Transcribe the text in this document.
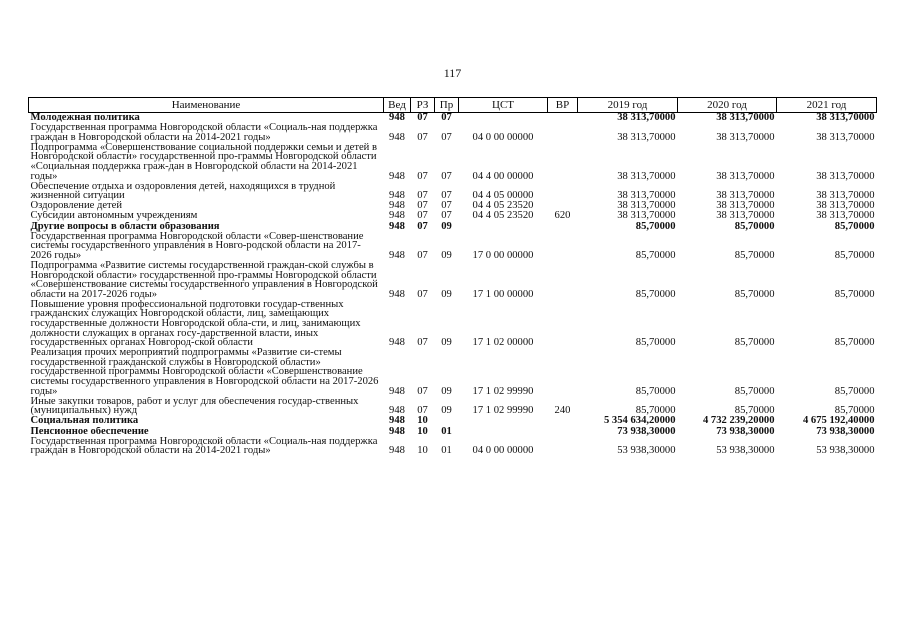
117
Наименование	Вед	РЗ	Пр	ЦСТ	ВР	2019 год	2020 год	2021 год
Молодежная политика	948	07	07			38 313,70000	38 313,70000	38 313,70000
Государственная программа Новгородской области «Социаль-ная поддержка граждан в Новгородской области на 2014-2021 годы»	948	07	07	04 0 00 00000		38 313,70000	38 313,70000	38 313,70000
Подпрограмма «Совершенствование социальной поддержки семьи и детей в Новгородской области» государственной про-граммы Новгородской области «Социальная поддержка граж-дан в Новгородской области на 2014-2021 годы»	948	07	07	04 4 00 00000		38 313,70000	38 313,70000	38 313,70000
Обеспечение отдыха и оздоровления детей, находящихся в трудной жизненной ситуации	948	07	07	04 4 05 00000		38 313,70000	38 313,70000	38 313,70000
Оздоровление детей	948	07	07	04 4 05 23520		38 313,70000	38 313,70000	38 313,70000
Субсидии автономным учреждениям	948	07	07	04 4 05 23520	620	38 313,70000	38 313,70000	38 313,70000
Другие вопросы в области образования	948	07	09			85,70000	85,70000	85,70000
Государственная программа Новгородской области «Совер-шенствование системы государственного управления в Новго-родской области на 2017-2026 годы»	948	07	09	17 0 00 00000		85,70000	85,70000	85,70000
Подпрограмма «Развитие системы государственной граждан-ской службы в Новгородской области» государственной про-граммы Новгородской области «Совершенствование системы государственного управления в Новгородской области на 2017-2026 годы»	948	07	09	17 1 00 00000		85,70000	85,70000	85,70000
Повышение уровня профессиональной подготовки государ-ственных гражданских служащих Новгородской области, лиц, замещающих государственные должности Новгородской обла-сти, и лиц, занимающих должности служащих в органах госу-дарственной власти, иных государственных органах Новгород-ской области	948	07	09	17 1 02 00000		85,70000	85,70000	85,70000
Реализация прочих мероприятий подпрограммы «Развитие си-стемы государственной гражданской службы в Новгородской области» государственной программы Новгородской области «Совершенствование системы государственного управления в Новгородской области на 2017-2026 годы»	948	07	09	17 1 02 99990		85,70000	85,70000	85,70000
Иные закупки товаров, работ и услуг для обеспечения государ-ственных (муниципальных) нужд	948	07	09	17 1 02 99990	240	85,70000	85,70000	85,70000
Социальная политика	948	10				5 354 634,20000	4 732 239,20000	4 675 192,40000
Пенсионное обеспечение	948	10	01			73 938,30000	73 938,30000	73 938,30000
Государственная программа Новгородской области «Социаль-ная поддержка граждан в Новгородской области на 2014-2021 годы»	948	10	01	04 0 00 00000		53 938,30000	53 938,30000	53 938,30000
